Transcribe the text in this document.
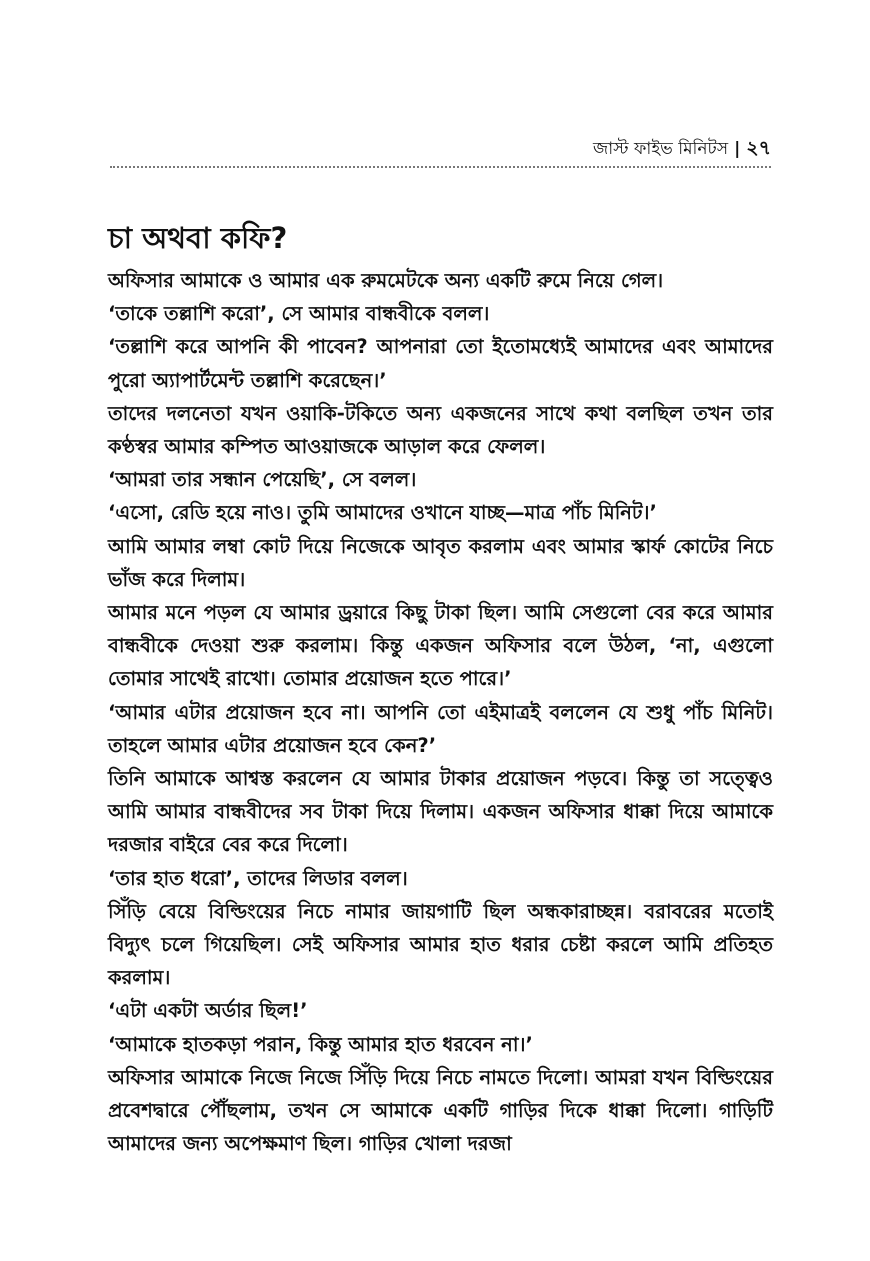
জাস্ট ফাইভ মিনিটস | ২৭
চা অথবা কফি?

অফিসার আমাকে ও আমার এক রুমমেটকে অন্য একটি রুমে নিয়ে গেল।

‘তাকে তল্লাশি করো’, সে আমার বান্ধবীকে বলল।

‘তল্লাশি করে আপনি কী পাবেন? আপনারা তো ইতোমধ্যেই আমাদের এবং আমাদের পুরো অ্যাপার্টমেন্ট তল্লাশি করেছেন।’

তাদের দলনেতা যখন ওয়াকি-টকিতে অন্য একজনের সাথে কথা বলছিল তখন তার কণ্ঠস্বর আমার কম্পিত আওয়াজকে আড়াল করে ফেলল।

‘আমরা তার সন্ধান পেয়েছি’, সে বলল।

‘এসো, রেডি হয়ে নাও। তুমি আমাদের ওখানে যাচ্ছ—মাত্র পাঁচ মিনিট।’

আমি আমার লম্বা কোট দিয়ে নিজেকে আবৃত করলাম এবং আমার স্কার্ফ কোটের নিচে ভাঁজ করে দিলাম।

আমার মনে পড়ল যে আমার ড্রয়ারে কিছু টাকা ছিল। আমি সেগুলো বের করে আমার বান্ধবীকে দেওয়া শুরু করলাম। কিন্তু একজন অফিসার বলে উঠল, ‘না, এগুলো তোমার সাথেই রাখো। তোমার প্রয়োজন হতে পারে।’

‘আমার এটার প্রয়োজন হবে না। আপনি তো এইমাত্রই বললেন যে শুধু পাঁচ মিনিট। তাহলে আমার এটার প্রয়োজন হবে কেন?’

তিনি আমাকে আশ্বস্ত করলেন যে আমার টাকার প্রয়োজন পড়বে। কিন্তু তা সত্ত্বেও আমি আমার বান্ধবীদের সব টাকা দিয়ে দিলাম। একজন অফিসার ধাক্কা দিয়ে আমাকে দরজার বাইরে বের করে দিলো।

‘তার হাত ধরো’, তাদের লিডার বলল।

সিঁড়ি বেয়ে বিল্ডিংয়ের নিচে নামার জায়গাটি ছিল অন্ধকারাচ্ছন্ন। বরাবরের মতোই বিদ্যুৎ চলে গিয়েছিল। সেই অফিসার আমার হাত ধরার চেষ্টা করলে আমি প্রতিহত করলাম।

‘এটা একটা অর্ডার ছিল!’

‘আমাকে হাতকড়া পরান, কিন্তু আমার হাত ধরবেন না।’

অফিসার আমাকে নিজে নিজে সিঁড়ি দিয়ে নিচে নামতে দিলো। আমরা যখন বিল্ডিংয়ের প্রবেশদ্বারে পৌঁছলাম, তখন সে আমাকে একটি গাড়ির দিকে ধাক্কা দিলো। গাড়িটি আমাদের জন্য অপেক্ষমাণ ছিল। গাড়ির খোলা দরজা
